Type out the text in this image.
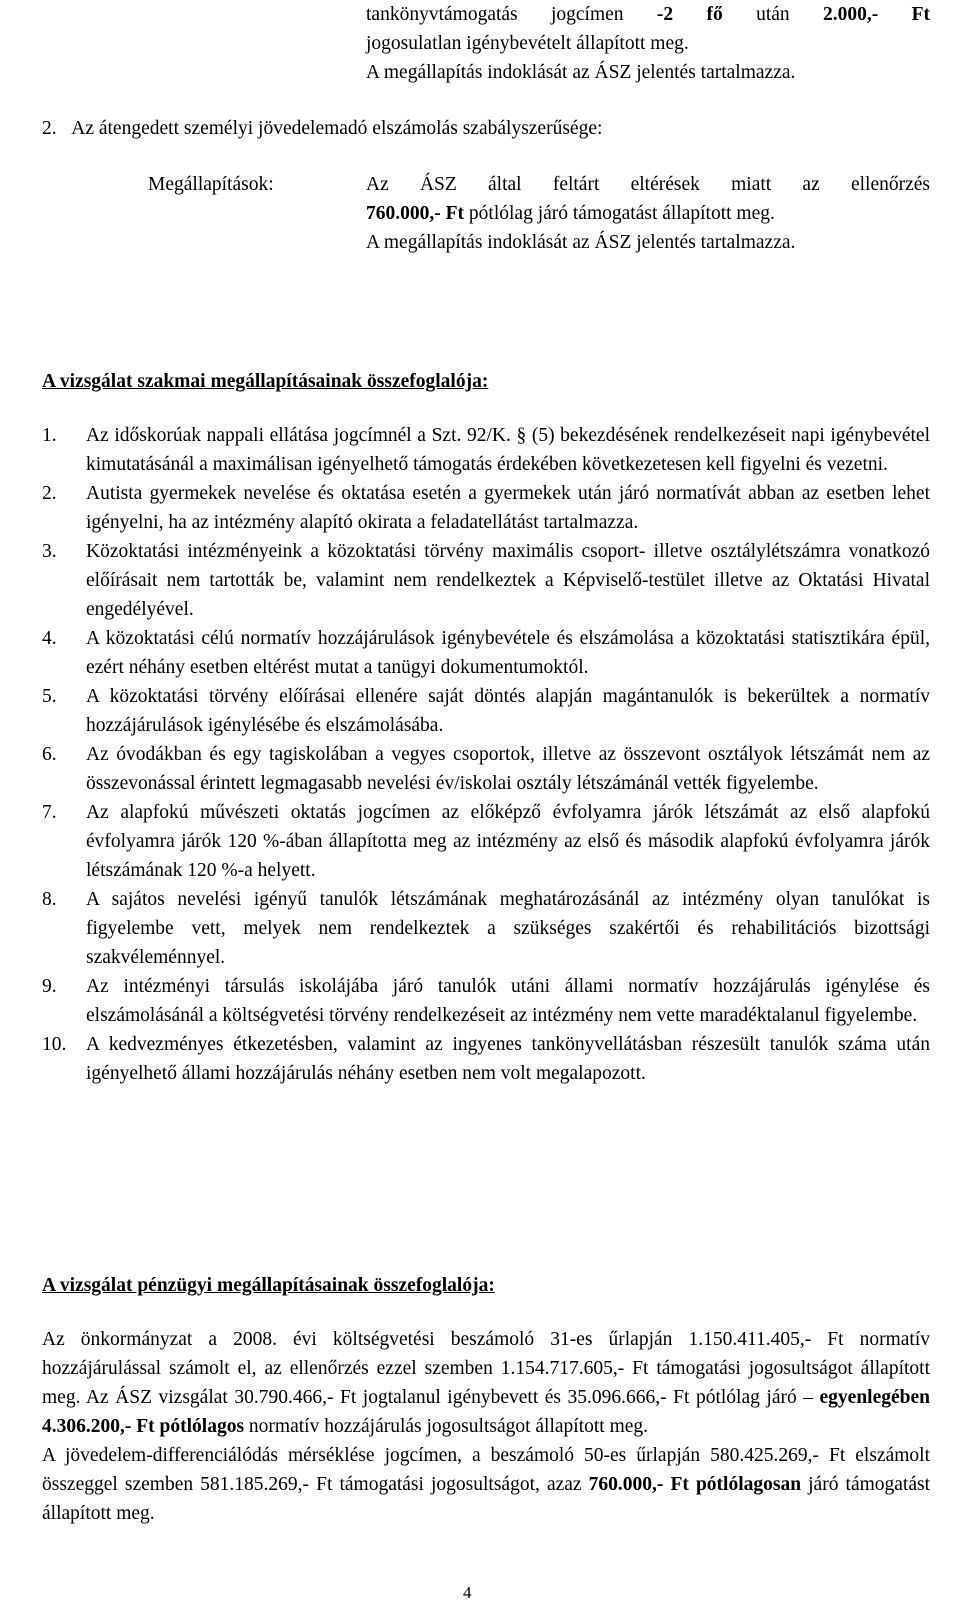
tankönyvtámogatás jogcímen -2 fő után 2.000,- Ft
jogosulatlan igénybevételt állapított meg.
A megállapítás indoklását az ÁSZ jelentés tartalmazza.
2. Az átengedett személyi jövedelemadó elszámolás szabályszerűsége:
Megállapítások:	Az ÁSZ által feltárt eltérések miatt az ellenőrzés
760.000,- Ft pótlólag járó támogatást állapított meg.
A megállapítás indoklását az ÁSZ jelentés tartalmazza.
A vizsgálat szakmai megállapításainak összefoglalója:
1.	Az időskorúak nappali ellátása jogcímnél a Szt. 92/K. § (5) bekezdésének rendelkezéseit napi igénybevétel kimutatásánál a maximálisan igényelhető támogatás érdekében következetesen kell figyelni és vezetni.
2.	Autista gyermekek nevelése és oktatása esetén a gyermekek után járó normatívát abban az esetben lehet igényelni, ha az intézmény alapító okirata a feladatellátást tartalmazza.
3.	Közoktatási intézményeink a közoktatási törvény maximális csoport- illetve osztálylétszámra vonatkozó előírásait nem tartották be, valamint nem rendelkeztek a Képviselő-testület illetve az Oktatási Hivatal engedélyével.
4.	A közoktatási célú normatív hozzájárulások igénybevétele és elszámolása a közoktatási statisztikára épül, ezért néhány esetben eltérést mutat a tanügyi dokumentumoktól.
5.	A közoktatási törvény előírásai ellenére saját döntés alapján magántanulók is bekerültek a normatív hozzájárulások igénylésébe és elszámolásába.
6.	Az óvodákban és egy tagiskolában a vegyes csoportok, illetve az összevont osztályok létszámát nem az összevonással érintett legmagasabb nevelési év/iskolai osztály létszámánál vették figyelembe.
7.	Az alapfokú művészeti oktatás jogcímen az előképző évfolyamra járók létszámát az első alapfokú évfolyamra járók 120 %-ában állapította meg az intézmény az első és második alapfokú évfolyamra járók létszámának 120 %-a helyett.
8.	A sajátos nevelési igényű tanulók létszámának meghatározásánál az intézmény olyan tanulókat is figyelembe vett, melyek nem rendelkeztek a szükséges szakértői és rehabilitációs bizottsági szakvéleménnyel.
9.	Az intézményi társulás iskolájába járó tanulók utáni állami normatív hozzájárulás igénylése és elszámolásánál a költségvetési törvény rendelkezéseit az intézmény nem vette maradéktalanul figyelembe.
10.	A kedvezményes étkezetésben, valamint az ingyenes tankönyvellátásban részesült tanulók száma után igényelhető állami hozzájárulás néhány esetben nem volt megalapozott.
A vizsgálat pénzügyi megállapításainak összefoglalója:

Az önkormányzat a 2008. évi költségvetési beszámoló 31-es űrlapján 1.150.411.405,- Ft normatív hozzájárulással számolt el, az ellenőrzés ezzel szemben 1.154.717.605,- Ft támogatási jogosultságot állapított meg. Az ÁSZ vizsgálat 30.790.466,- Ft jogtalanul igénybevett és 35.096.666,- Ft pótlólag járó – egyenlegében 4.306.200,- Ft pótlólagos normatív hozzájárulás jogosultságot állapított meg.

A jövedelem-differenciálódás mérséklése jogcímen, a beszámoló 50-es űrlapján 580.425.269,- Ft elszámolt összeggel szemben 581.185.269,- Ft támogatási jogosultságot, azaz 760.000,- Ft pótlólagosan járó támogatást állapított meg.

4
